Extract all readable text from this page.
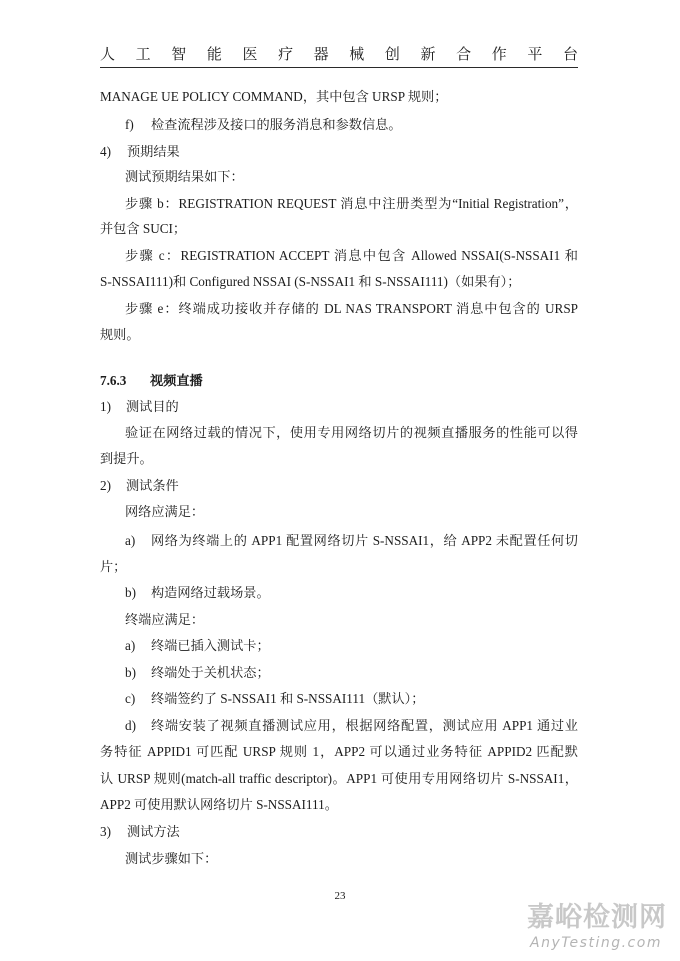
人 工 智 能 医 疗 器 械 创 新 合 作 平 台
MANAGE UE POLICY COMMAND，其中包含 URSP 规则；
f)	检查流程涉及接口的服务消息和参数信息。
4)	预期结果
测试预期结果如下：
步骤 b：REGISTRATION REQUEST 消息中注册类型为“Initial Registration”，
并包含 SUCI；
步骤 c：REGISTRATION ACCEPT 消息中包含 Allowed NSSAI(S-NSSAI1 和
S-NSSAI111)和 Configured NSSAI (S-NSSAI1 和 S-NSSAI111)（如果有）；
步骤 e：终端成功接收并存储的 DL NAS TRANSPORT 消息中包含的 URSP
规则。
7.6.3	视频直播
1)	测试目的
验证在网络过载的情况下，使用专用网络切片的视频直播服务的性能可以得
到提升。
2)	测试条件
网络应满足：
a)	网络为终端上的 APP1 配置网络切片 S-NSSAI1，给 APP2 未配置任何切
片；
b)	构造网络过载场景。
终端应满足：
a)	终端已插入测试卡；
b)	终端处于关机状态；
c)	终端签约了 S-NSSAI1 和 S-NSSAI111（默认）；
d)	终端安装了视频直播测试应用，根据网络配置，测试应用 APP1 通过业
务特征 APPID1 可匹配 URSP 规则 1，APP2 可以通过业务特征 APPID2 匹配默
认 URSP 规则(match-all traffic descriptor)。APP1 可使用专用网络切片 S-NSSAI1，
APP2 可使用默认网络切片 S-NSSAI111。
3)	测试方法
测试步骤如下：
23
嘉峪检测网
AnyTesting.com
